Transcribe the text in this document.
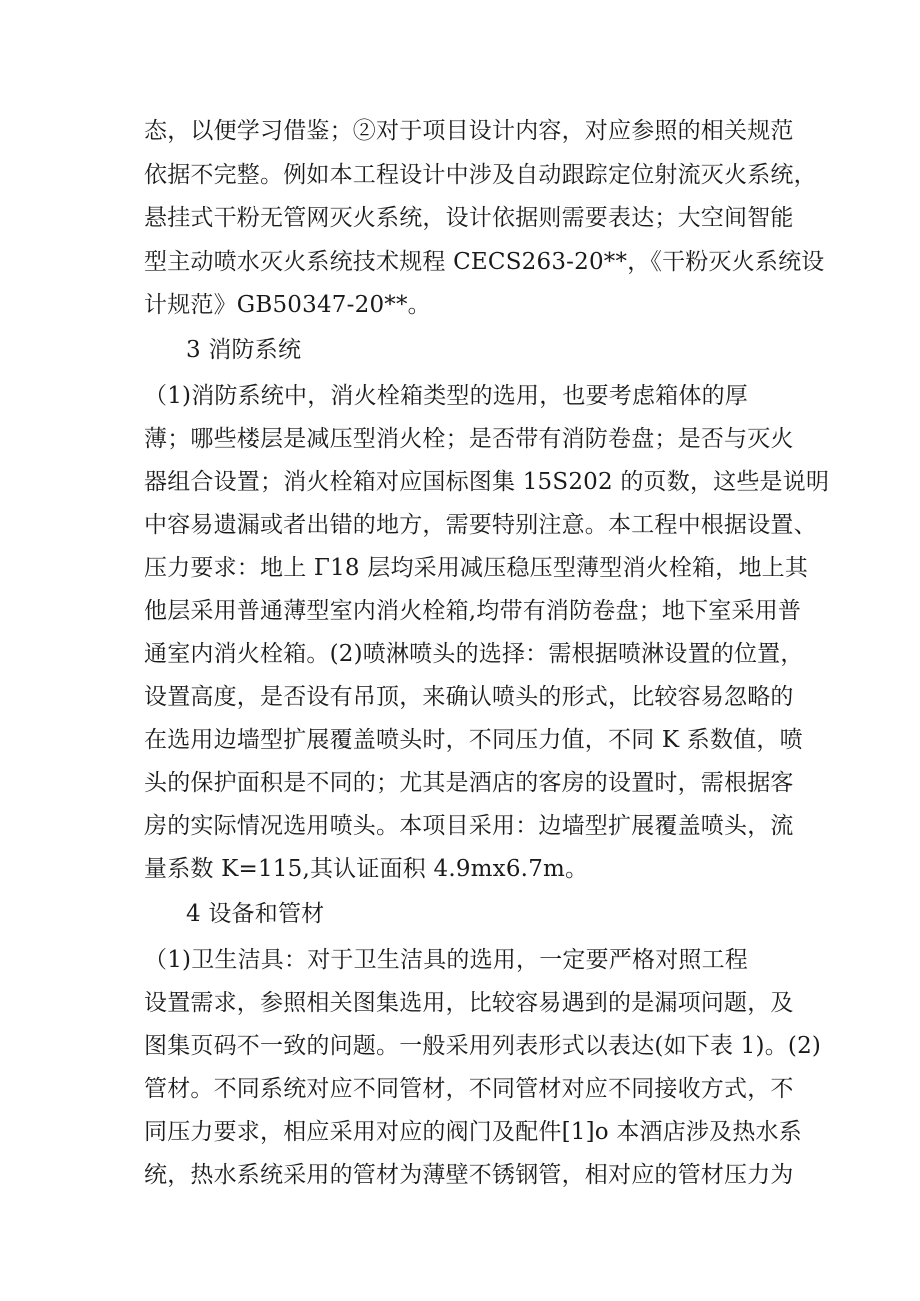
态，以便学习借鉴；②对于项目设计内容，对应参照的相关规范

依据不完整。例如本工程设计中涉及自动跟踪定位射流灭火系统，

悬挂式干粉无管网灭火系统，设计依据则需要表达；大空间智能

型主动喷水灭火系统技术规程 CECS263-20**，《干粉灭火系统设

计规范》GB50347-20**。

3 消防系统

（1)消防系统中，消火栓箱类型的选用，也要考虑箱体的厚

薄；哪些楼层是减压型消火栓；是否带有消防卷盘；是否与灭火

器组合设置；消火栓箱对应国标图集 15S202 的页数，这些是说明

中容易遗漏或者出错的地方，需要特别注意。本工程中根据设置、

压力要求：地上 Γ18 层均采用减压稳压型薄型消火栓箱，地上其

他层采用普通薄型室内消火栓箱,均带有消防卷盘；地下室采用普

通室内消火栓箱。(2)喷淋喷头的选择：需根据喷淋设置的位置，

设置高度，是否设有吊顶，来确认喷头的形式，比较容易忽略的

在选用边墙型扩展覆盖喷头时，不同压力值，不同 K 系数值，喷

头的保护面积是不同的；尤其是酒店的客房的设置时，需根据客

房的实际情况选用喷头。本项目采用：边墙型扩展覆盖喷头，流

量系数 K=115,其认证面积 4.9mx6.7m。

4 设备和管材

（1)卫生洁具：对于卫生洁具的选用，一定要严格对照工程

设置需求，参照相关图集选用，比较容易遇到的是漏项问题，及

图集页码不一致的问题。一般采用列表形式以表达(如下表 1)。(2)

管材。不同系统对应不同管材，不同管材对应不同接收方式，不

同压力要求，相应采用对应的阀门及配件[1]o 本酒店涉及热水系

统，热水系统采用的管材为薄壁不锈钢管，相对应的管材压力为
